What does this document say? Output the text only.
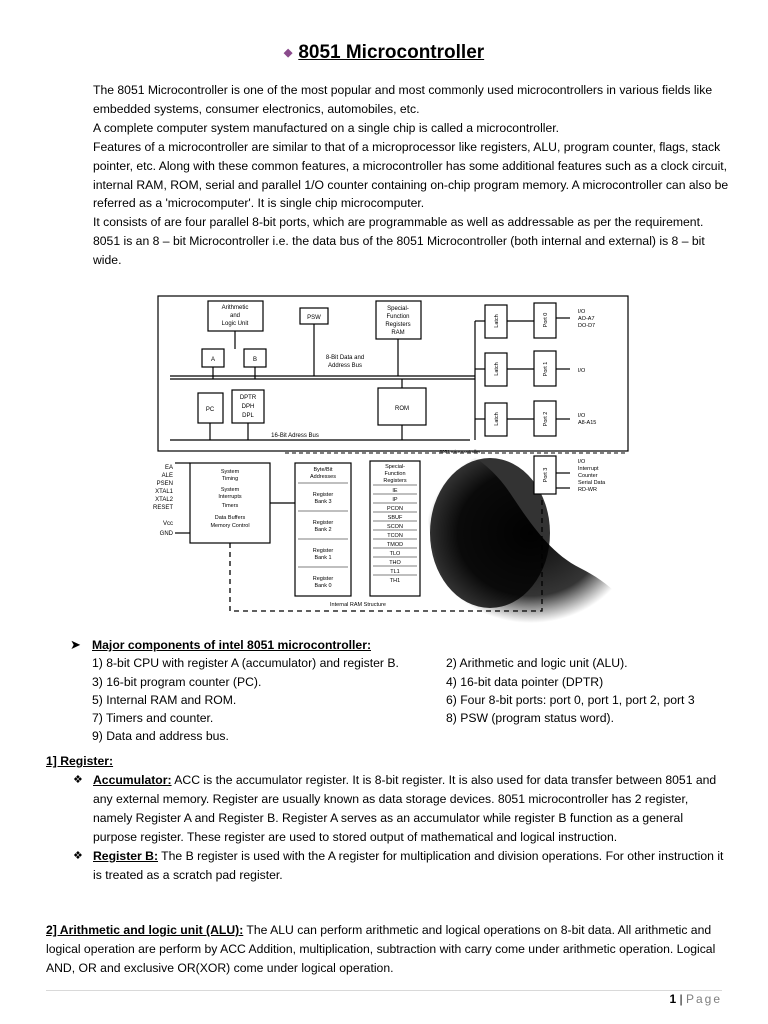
◆ 8051 Microcontroller

The 8051 Microcontroller is one of the most popular and most commonly used microcontrollers in various fields like embedded systems, consumer electronics, automobiles, etc.

A complete computer system manufactured on a single chip is called a microcontroller.

Features of a microcontroller are similar to that of a microprocessor like registers, ALU, program counter, flags, stack pointer, etc. Along with these common features, a microcontroller has some additional features such as a clock circuit, internal RAM, ROM, serial and parallel 1/O counter containing on-chip program memory. A microcontroller can also be referred as a 'microcomputer'. It is single chip microcomputer.

It consists of are four parallel 8-bit ports, which are programmable as well as addressable as per the requirement.

8051 is an 8 – bit Microcontroller i.e. the data bus of the 8051 Microcontroller (both internal and external) is 8 – bit wide.

Arithmetic
and
Logic Unit
PSW
A	B
PC
DPTR
DPH
DPL
Special-
Function
Registers
RAM
ROM
8-Bit Data and
Address Bus
16-Bit Adress Bus
8051 microcontroller
Latch
Latch
Latch
Port 0
Port 1
Port 2
Port 3
I/O
AO-A7
DO-D7
I/O
I/O
A8-A15
I/O
Interrupt
Counter
Serial Data
RD-WR
EA
ALE
PSEN
XTAL1
XTAL2
RESET
Vcc
GND
System
Timing
System
Interrupts
Timers
Data Buffers
Memory Control
Byte/Bit
Addresses
Register
Bank 3
Register
Bank 2
Register
Bank 1
Register
Bank 0
Special-
Function
Registers
IE
IP
PCON
SBUF
SCON
TCON
TMOD
TLO
THO
TL1
TH1
Internal RAM Structure
➤ Major components of intel 8051 microcontroller:
1) 8-bit CPU with register A (accumulator) and register B.	2) Arithmetic and logic unit (ALU).
3) 16-bit program counter (PC).	4) 16-bit data pointer (DPTR)
5) Internal RAM and ROM.	6) Four 8-bit ports: port 0, port 1, port 2, port 3
7) Timers and counter.	8) PSW (program status word).
9) Data and address bus.
1] Register:
❖ Accumulator: ACC is the accumulator register. It is 8-bit register. It is also used for data transfer between 8051 and any external memory. Register are usually known as data storage devices. 8051 microcontroller has 2 register, namely Register A and Register B. Register A serves as an accumulator while register B function as a general purpose register. These register are used to stored output of mathematical and logical instruction.
❖ Register B: The B register is used with the A register for multiplication and division operations. For other instruction it is treated as a scratch pad register.
2] Arithmetic and logic unit (ALU): The ALU can perform arithmetic and logical operations on 8-bit data. All arithmetic and logical operation are perform by ACC Addition, multiplication, subtraction with carry come under arithmetic operation. Logical AND, OR and exclusive OR(XOR) come under logical operation.
1 | Page
